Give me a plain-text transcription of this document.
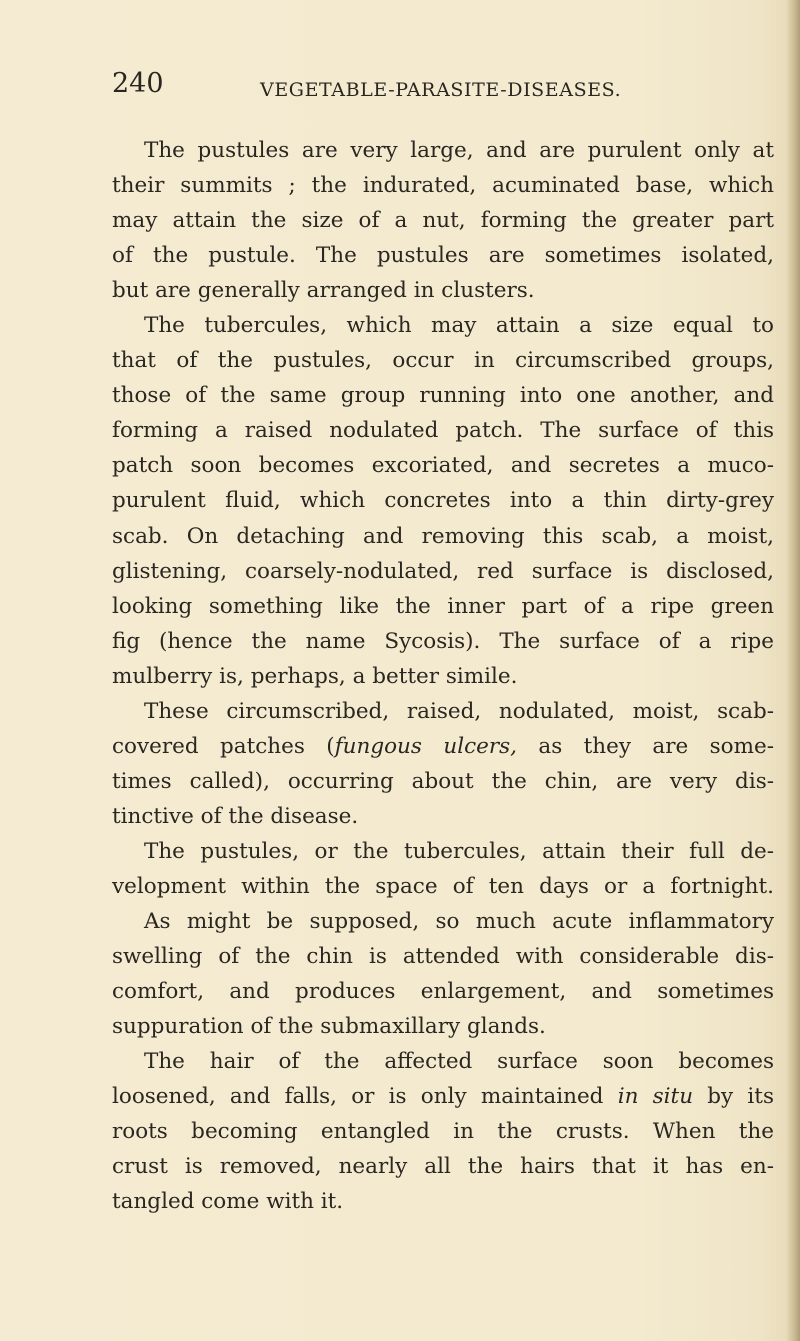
240	VEGETABLE-PARASITE-DISEASES.
The pustules are very large, and are purulent only at
their summits ; the indurated, acuminated base, which
may attain the size of a nut, forming the greater part
of the pustule. The pustules are sometimes isolated,
but are generally arranged in clusters.
The tubercules, which may attain a size equal to
that of the pustules, occur in circumscribed groups,
those of the same group running into one another, and
forming a raised nodulated patch. The surface of this
patch soon becomes excoriated, and secretes a muco-
purulent fluid, which concretes into a thin dirty-grey
scab. On detaching and removing this scab, a moist,
glistening, coarsely-nodulated, red surface is disclosed,
looking something like the inner part of a ripe green
fig (hence the name Sycosis). The surface of a ripe
mulberry is, perhaps, a better simile.
These circumscribed, raised, nodulated, moist, scab-
covered patches (fungous ulcers, as they are some-
times called), occurring about the chin, are very dis-
tinctive of the disease.
The pustules, or the tubercules, attain their full de-
velopment within the space of ten days or a fortnight.
As might be supposed, so much acute inflammatory
swelling of the chin is attended with considerable dis-
comfort, and produces enlargement, and sometimes
suppuration of the submaxillary glands.
The hair of the affected surface soon becomes
loosened, and falls, or is only maintained in situ by its
roots becoming entangled in the crusts. When the
crust is removed, nearly all the hairs that it has en-
tangled come with it.
